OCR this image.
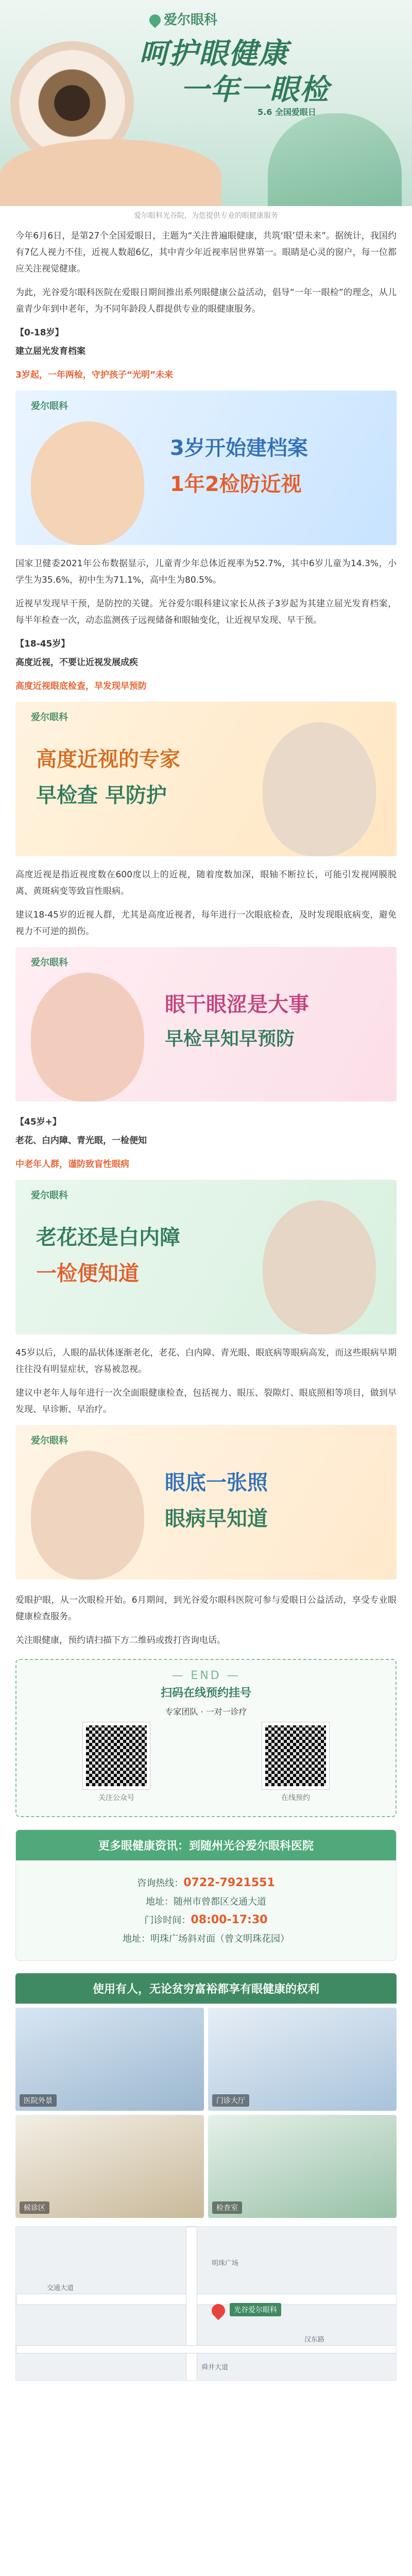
爱尔眼科
呵护眼健康
一年一眼检
5.6 全国爱眼日
爱尔眼科光谷院，为您提供专业的眼健康服务

今年6月6日，是第27个全国爱眼日，主题为“关注普遍眼健康，共筑‘眼’望未来”。据统计，我国约有7亿人视力不佳，近视人数超6亿，其中青少年近视率居世界第一。眼睛是心灵的窗户，每一位都应关注视觉健康。

为此，光谷爱尔眼科医院在爱眼日期间推出系列眼健康公益活动，倡导“一年一眼检”的理念，从儿童青少年到中老年，为不同年龄段人群提供专业的眼健康服务。

【0-18岁】

建立屈光发育档案

3岁起，一年两检，守护孩子“光明”未来

爱尔眼科
3岁开始建档案
1年2检防近视

国家卫健委2021年公布数据显示，儿童青少年总体近视率为52.7%，其中6岁儿童为14.3%，小学生为35.6%，初中生为71.1%，高中生为80.5%。

近视早发现早干预，是防控的关键。光谷爱尔眼科建议家长从孩子3岁起为其建立屈光发育档案，每半年检查一次，动态监测孩子远视储备和眼轴变化，让近视早发现、早干预。

【18-45岁】

高度近视，不要让近视发展成疾

高度近视眼底检查，早发现早预防

爱尔眼科
高度近视的专家
早检查 早防护

高度近视是指近视度数在600度以上的近视，随着度数加深，眼轴不断拉长，可能引发视网膜脱离、黄斑病变等致盲性眼病。

建议18-45岁的近视人群，尤其是高度近视者，每年进行一次眼底检查，及时发现眼底病变，避免视力不可逆的损伤。

爱尔眼科
眼干眼涩是大事
早检早知早预防

【45岁+】

老花、白内障、青光眼，一检便知

中老年人群，谨防致盲性眼病

爱尔眼科
老花还是白内障
一检便知道

45岁以后，人眼的晶状体逐渐老化，老花、白内障、青光眼、眼底病等眼病高发，而这些眼病早期往往没有明显症状，容易被忽视。

建议中老年人每年进行一次全面眼健康检查，包括视力、眼压、裂隙灯、眼底照相等项目，做到早发现、早诊断、早治疗。

爱尔眼科
眼底一张照
眼病早知道

爱眼护眼，从一次眼检开始。6月期间，到光谷爱尔眼科医院可参与爱眼日公益活动，享受专业眼健康检查服务。

关注眼健康，预约请扫描下方二维码或拨打咨询电话。

— END —
扫码在线预约挂号
专家团队 · 一对一诊疗
关注公众号	在线预约
更多眼健康资讯：到随州光谷爱尔眼科医院
咨询热线：0722-7921551
地址：随州市曾都区交通大道
门诊时间：08:00-17:30
地址：明珠广场斜对面（曾文明珠花园）
使用有人，无论贫穷富裕都享有眼健康的权利
医院外景	门诊大厅
候诊区	检查室
交通大道
明珠广场
汉东路
舜井大道
光谷爱尔眼科
